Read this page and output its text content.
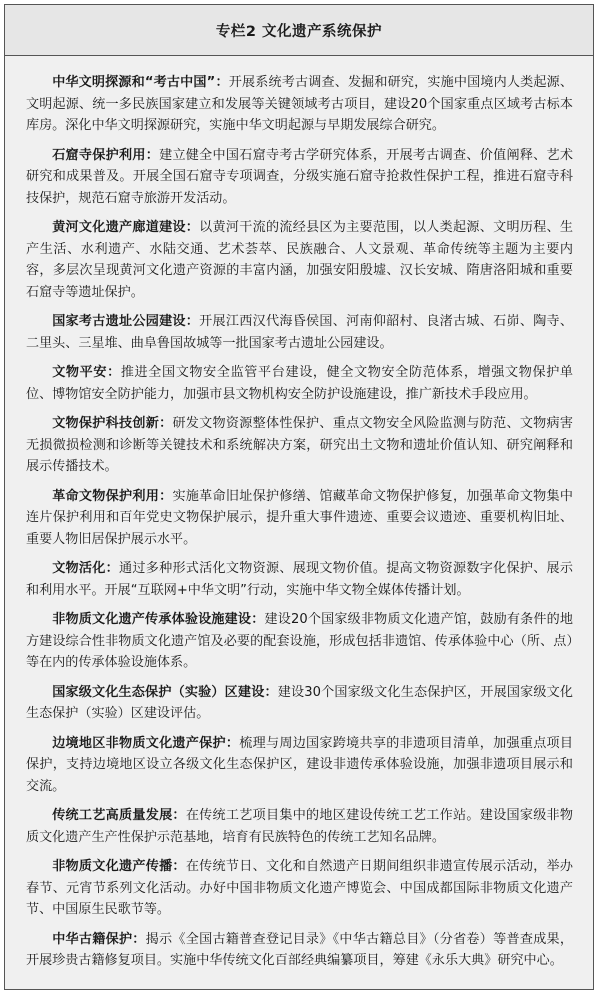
专栏2 文化遗产系统保护

中华文明探源和“考古中国”：开展系统考古调查、发掘和研究，实施中国境内人类起源、文明起源、统一多民族国家建立和发展等关键领域考古项目，建设20个国家重点区域考古标本库房。深化中华文明探源研究，实施中华文明起源与早期发展综合研究。

石窟寺保护利用：建立健全中国石窟寺考古学研究体系，开展考古调查、价值阐释、艺术研究和成果普及。开展全国石窟寺专项调查，分级实施石窟寺抢救性保护工程，推进石窟寺科技保护，规范石窟寺旅游开发活动。

黄河文化遗产廊道建设：以黄河干流的流经县区为主要范围，以人类起源、文明历程、生产生活、水利遗产、水陆交通、艺术荟萃、民族融合、人文景观、革命传统等主题为主要内容，多层次呈现黄河文化遗产资源的丰富内涵，加强安阳殷墟、汉长安城、隋唐洛阳城和重要石窟寺等遗址保护。

国家考古遗址公园建设：开展江西汉代海昏侯国、河南仰韶村、良渚古城、石峁、陶寺、二里头、三星堆、曲阜鲁国故城等一批国家考古遗址公园建设。

文物平安：推进全国文物安全监管平台建设，健全文物安全防范体系，增强文物保护单位、博物馆安全防护能力，加强市县文物机构安全防护设施建设，推广新技术手段应用。

文物保护科技创新：研发文物资源整体性保护、重点文物安全风险监测与防范、文物病害无损微损检测和诊断等关键技术和系统解决方案，研究出土文物和遗址价值认知、研究阐释和展示传播技术。

革命文物保护利用：实施革命旧址保护修缮、馆藏革命文物保护修复，加强革命文物集中连片保护利用和百年党史文物保护展示，提升重大事件遗迹、重要会议遗迹、重要机构旧址、重要人物旧居保护展示水平。

文物活化：通过多种形式活化文物资源、展现文物价值。提高文物资源数字化保护、展示和利用水平。开展“互联网+中华文明”行动，实施中华文物全媒体传播计划。

非物质文化遗产传承体验设施建设：建设20个国家级非物质文化遗产馆，鼓励有条件的地方建设综合性非物质文化遗产馆及必要的配套设施，形成包括非遗馆、传承体验中心（所、点）等在内的传承体验设施体系。

国家级文化生态保护（实验）区建设：建设30个国家级文化生态保护区，开展国家级文化生态保护（实验）区建设评估。

边境地区非物质文化遗产保护：梳理与周边国家跨境共享的非遗项目清单，加强重点项目保护，支持边境地区设立各级文化生态保护区，建设非遗传承体验设施，加强非遗项目展示和交流。

传统工艺高质量发展：在传统工艺项目集中的地区建设传统工艺工作站。建设国家级非物质文化遗产生产性保护示范基地，培育有民族特色的传统工艺知名品牌。

非物质文化遗产传播：在传统节日、文化和自然遗产日期间组织非遗宣传展示活动，举办春节、元宵节系列文化活动。办好中国非物质文化遗产博览会、中国成都国际非物质文化遗产节、中国原生民歌节等。

中华古籍保护：揭示《全国古籍普查登记目录》《中华古籍总目》（分省卷）等普查成果，开展珍贵古籍修复项目。实施中华传统文化百部经典编纂项目，筹建《永乐大典》研究中心。
